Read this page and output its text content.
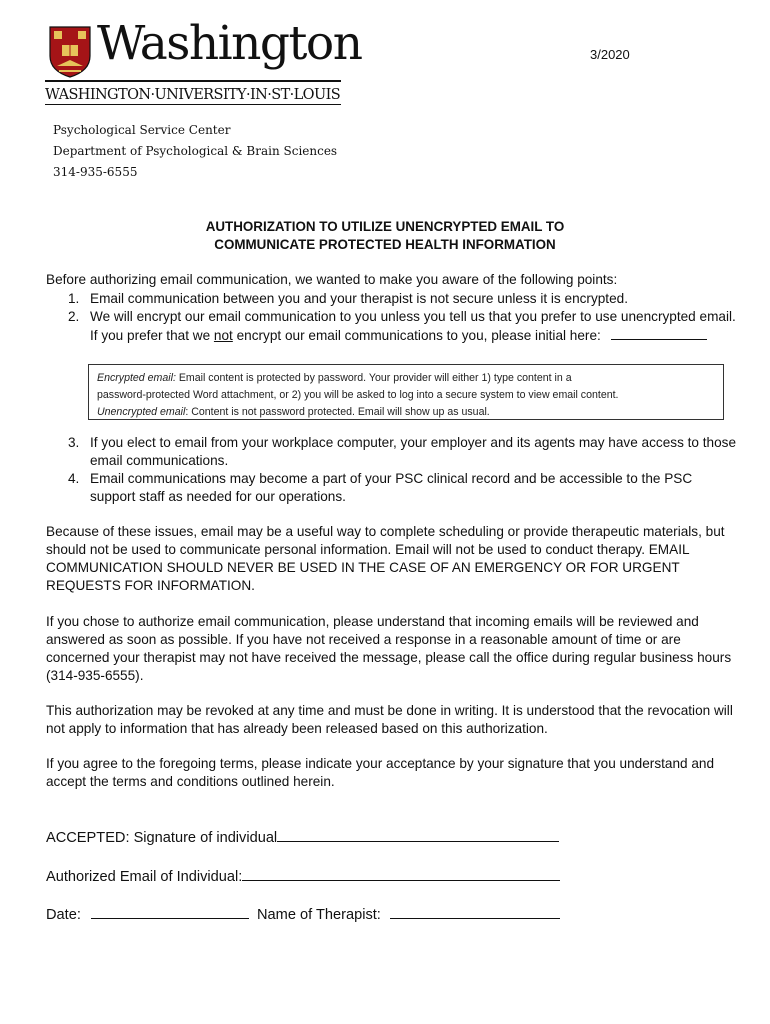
Washington
WASHINGTON·UNIVERSITY·IN·ST·LOUIS
3/2020
Psychological Service Center
Department of Psychological & Brain Sciences
314-935-6555
AUTHORIZATION TO UTILIZE UNENCRYPTED EMAIL TO
COMMUNICATE PROTECTED HEALTH INFORMATION
Before authorizing email communication, we wanted to make you aware of the following points:
1. Email communication between you and your therapist is not secure unless it is encrypted.
2. We will encrypt our email communication to you unless you tell us that you prefer to use unencrypted email. If you prefer that we not encrypt our email communications to you, please initial here:
Encrypted email: Email content is protected by password. Your provider will either 1) type content in a
password-protected Word attachment, or 2) you will be asked to log into a secure system to view email content.
Unencrypted email: Content is not password protected. Email will show up as usual.
3. If you elect to email from your workplace computer, your employer and its agents may have access to those email communications.
4. Email communications may become a part of your PSC clinical record and be accessible to the PSC support staff as needed for our operations.
Because of these issues, email may be a useful way to complete scheduling or provide therapeutic materials, but should not be used to communicate personal information. Email will not be used to conduct therapy. EMAIL COMMUNICATION SHOULD NEVER BE USED IN THE CASE OF AN EMERGENCY OR FOR URGENT REQUESTS FOR INFORMATION.
If you chose to authorize email communication, please understand that incoming emails will be reviewed and answered as soon as possible. If you have not received a response in a reasonable amount of time or are concerned your therapist may not have received the message, please call the office during regular business hours (314-935-6555).
This authorization may be revoked at any time and must be done in writing. It is understood that the revocation will not apply to information that has already been released based on this authorization.
If you agree to the foregoing terms, please indicate your acceptance by your signature that you understand and accept the terms and conditions outlined herein.
ACCEPTED: Signature of individual
Authorized Email of Individual:
Date:	Name of Therapist:
